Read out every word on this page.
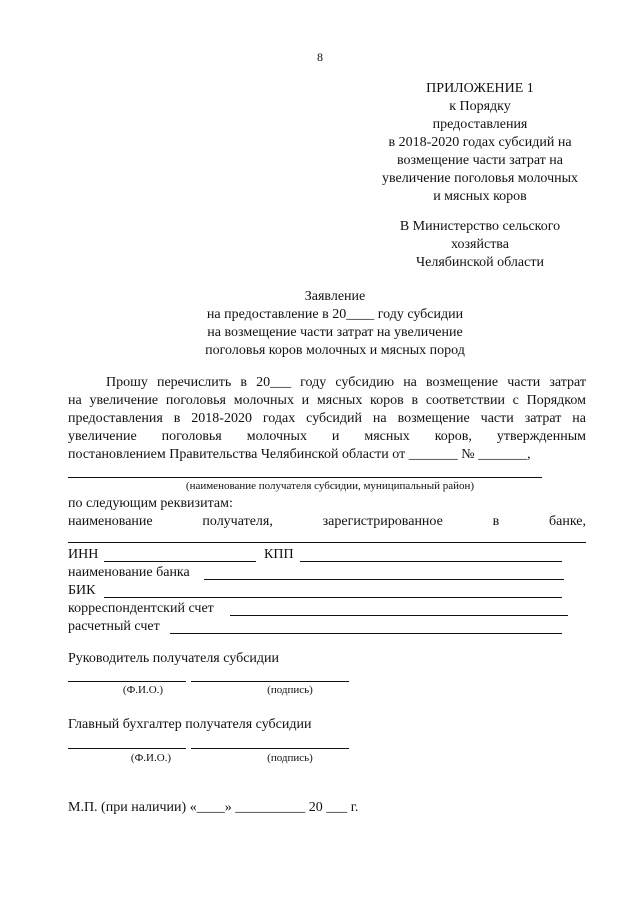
8
ПРИЛОЖЕНИЕ 1
к Порядку
предоставления
в 2018-2020 годах субсидий на
возмещение части затрат на
увеличение поголовья молочных
и мясных коров
В Министерство сельского
хозяйства
Челябинской области
Заявление
на предоставление в 20____ году субсидии
на возмещение части затрат на увеличение
поголовья коров молочных и мясных пород
Прошу перечислить в 20___ году субсидию на возмещение части затрат
на увеличение поголовья молочных и мясных коров в соответствии с Порядком
предоставления в 2018-2020 годах субсидий на возмещение части затрат на
увеличение поголовья молочных и мясных коров, утвержденным
постановлением Правительства Челябинской области от _______ № _______,
(наименование получателя субсидии, муниципальный район)
по следующим реквизитам:
наименование получателя, зарегистрированное в банке,
ИНН	КПП
наименование банка
БИК
корреспондентский счет
расчетный счет
Руководитель получателя субсидии
(Ф.И.О.)	(подпись)
Главный бухгалтер получателя субсидии
(Ф.И.О.)	(подпись)
М.П. (при наличии) «____» __________ 20 ___ г.
